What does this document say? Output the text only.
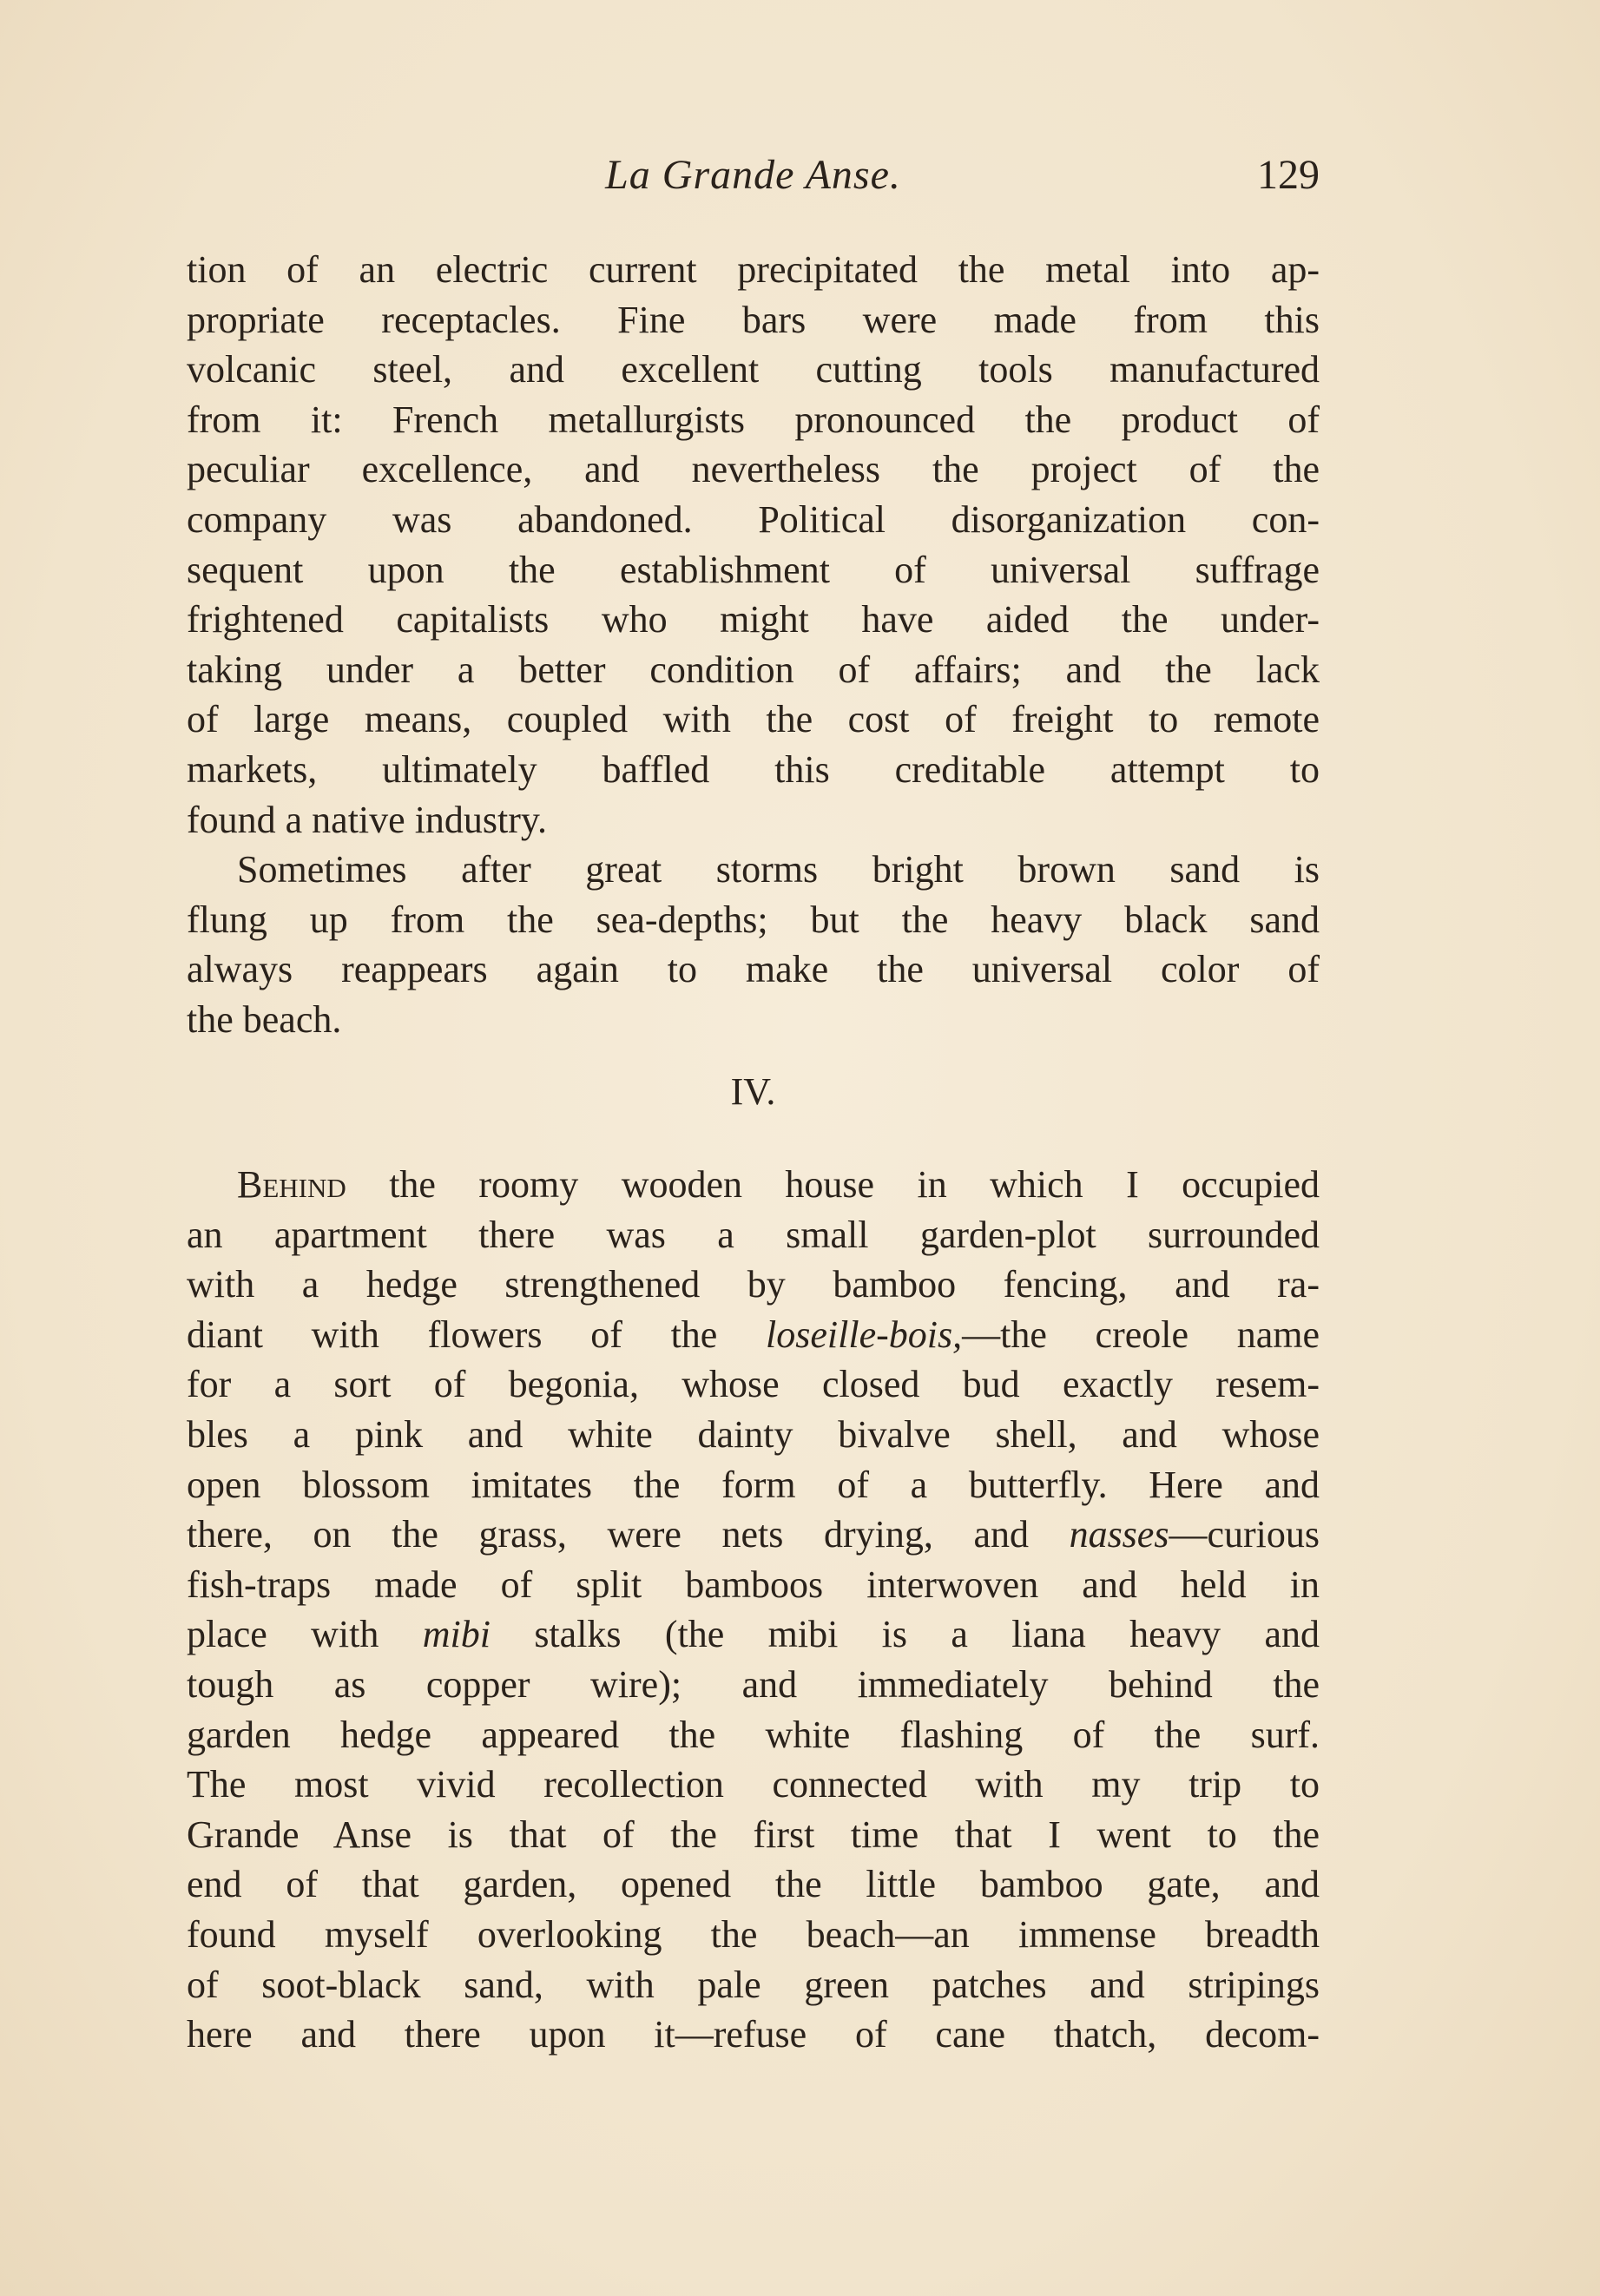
La Grande Anse.	129
tion of an electric current precipitated the metal into ap-
propriate receptacles. Fine bars were made from this
volcanic steel, and excellent cutting tools manufactured
from it: French metallurgists pronounced the product of
peculiar excellence, and nevertheless the project of the
company was abandoned. Political disorganization con-
sequent upon the establishment of universal suffrage
frightened capitalists who might have aided the under-
taking under a better condition of affairs; and the lack
of large means, coupled with the cost of freight to remote
markets, ultimately baffled this creditable attempt to
found a native industry.
Sometimes after great storms bright brown sand is
flung up from the sea-depths; but the heavy black sand
always reappears again to make the universal color of
the beach.
IV.
Behind the roomy wooden house in which I occupied
an apartment there was a small garden-plot surrounded
with a hedge strengthened by bamboo fencing, and ra-
diant with flowers of the loseille-bois,—the creole name
for a sort of begonia, whose closed bud exactly resem-
bles a pink and white dainty bivalve shell, and whose
open blossom imitates the form of a butterfly. Here and
there, on the grass, were nets drying, and nasses—curious
fish-traps made of split bamboos interwoven and held in
place with mibi stalks (the mibi is a liana heavy and
tough as copper wire); and immediately behind the
garden hedge appeared the white flashing of the surf.
The most vivid recollection connected with my trip to
Grande Anse is that of the first time that I went to the
end of that garden, opened the little bamboo gate, and
found myself overlooking the beach—an immense breadth
of soot-black sand, with pale green patches and stripings
here and there upon it—refuse of cane thatch, decom-
